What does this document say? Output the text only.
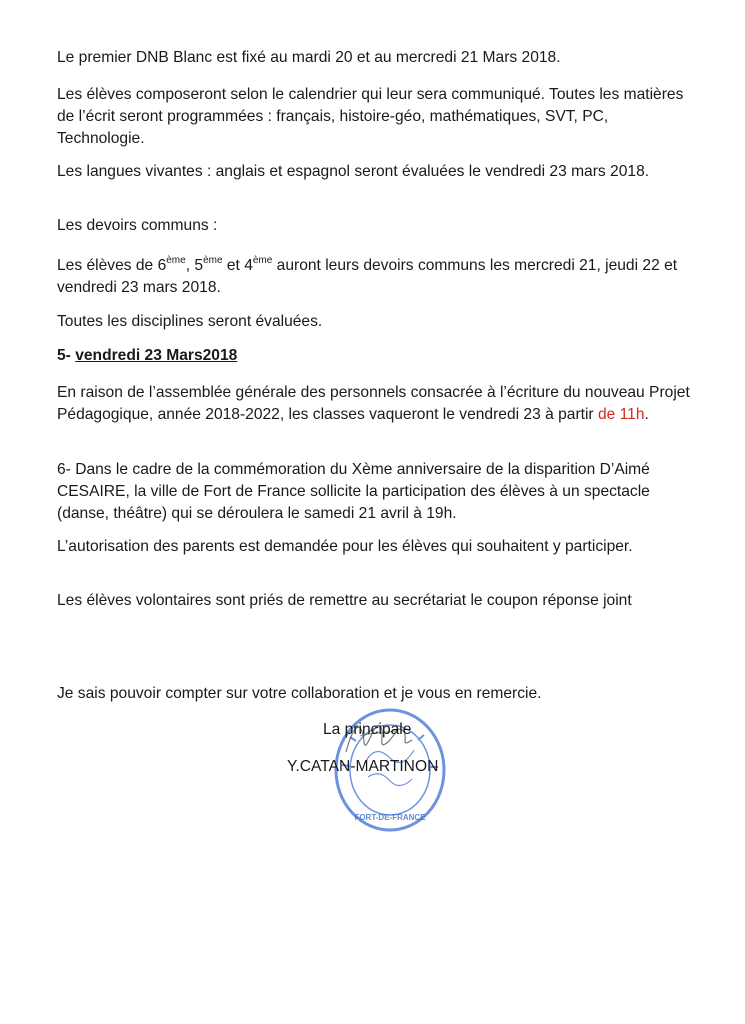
Le premier DNB Blanc est fixé au mardi 20 et au mercredi 21 Mars 2018.

Les élèves composeront selon le calendrier qui leur sera communiqué. Toutes les matières de l’écrit seront programmées : français, histoire-géo, mathématiques, SVT, PC, Technologie.

Les langues vivantes : anglais et espagnol seront évaluées le vendredi 23 mars 2018.

Les devoirs communs :

Les élèves de 6ème, 5ème et 4ème auront leurs devoirs communs les mercredi 21, jeudi 22 et vendredi 23 mars 2018.

Toutes les disciplines seront évaluées.

5- vendredi 23 Mars2018

En raison de l’assemblée générale des personnels consacrée à l’écriture du nouveau Projet Pédagogique, année 2018-2022, les classes vaqueront le vendredi 23 à partir de 11h.

6- Dans le cadre de la commémoration du Xème anniversaire de la disparition D’Aimé CESAIRE, la ville de Fort de France sollicite la participation des élèves à un spectacle (danse, théâtre) qui se déroulera le samedi 21 avril à 19h.

L’autorisation des parents est demandée pour les élèves qui souhaitent y participer.

Les élèves volontaires sont priés de remettre au secrétariat le coupon réponse joint

Je sais pouvoir compter sur votre collaboration et je vous en remercie.

FORT-DE-FRANCE
La principale
Y.CATAN-MARTINON
